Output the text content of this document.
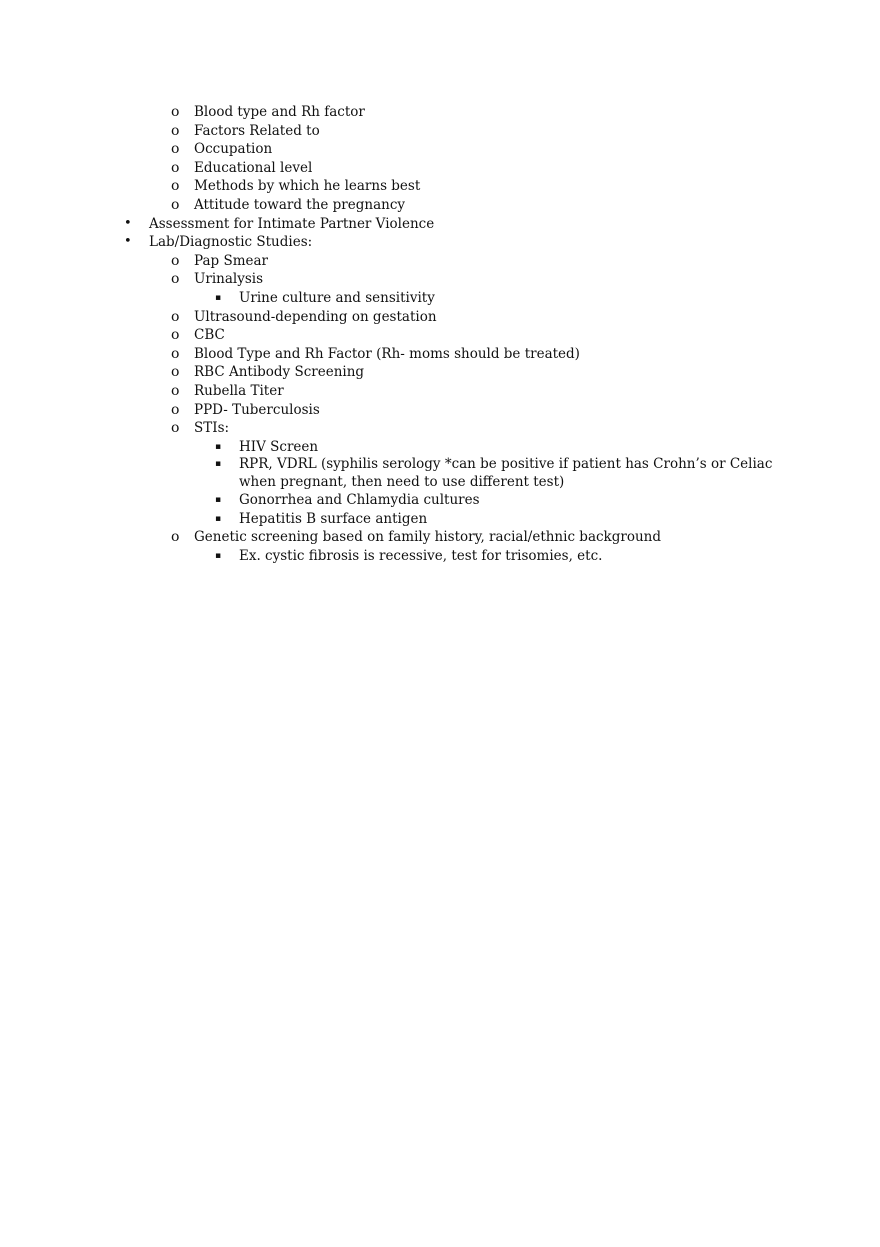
o Blood type and Rh factor
o Factors Related to
o Occupation
o Educational level
o Methods by which he learns best
o Attitude toward the pregnancy
• Assessment for Intimate Partner Violence
• Lab/Diagnostic Studies:
o Pap Smear
o Urinalysis
▪ Urine culture and sensitivity
o Ultrasound-depending on gestation
o CBC
o Blood Type and Rh Factor (Rh- moms should be treated)
o RBC Antibody Screening
o Rubella Titer
o PPD- Tuberculosis
o STIs:
▪ HIV Screen
▪ RPR, VDRL (syphilis serology *can be positive if patient has Crohn’s or Celiac when pregnant, then need to use different test)
▪ Gonorrhea and Chlamydia cultures
▪ Hepatitis B surface antigen
o Genetic screening based on family history, racial/ethnic background
▪ Ex. cystic fibrosis is recessive, test for trisomies, etc.
